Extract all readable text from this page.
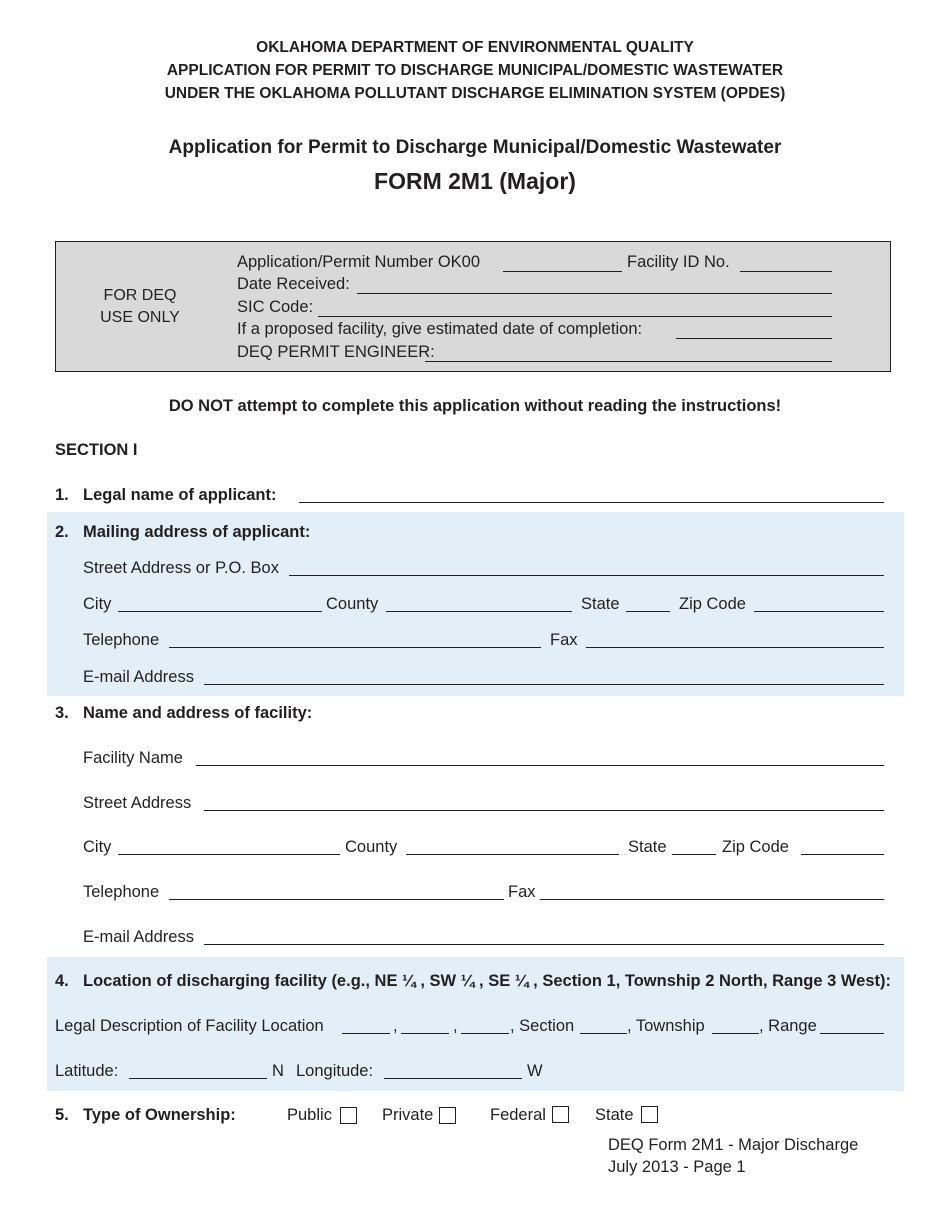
OKLAHOMA DEPARTMENT OF ENVIRONMENTAL QUALITY
APPLICATION FOR PERMIT TO DISCHARGE MUNICIPAL/DOMESTIC WASTEWATER
UNDER THE OKLAHOMA POLLUTANT DISCHARGE ELIMINATION SYSTEM (OPDES)
Application for Permit to Discharge Municipal/Domestic Wastewater
FORM 2M1 (Major)
FOR DEQ
USE ONLY
Application/Permit Number OK00	Facility ID No.
Date Received:
SIC Code:
If a proposed facility, give estimated date of completion:
DEQ PERMIT ENGINEER:
DO NOT attempt to complete this application without reading the instructions!
SECTION I
1. Legal name of applicant:
2. Mailing address of applicant:
Street Address or P.O. Box
City	County	State	Zip Code
Telephone	Fax
E-mail Address
3. Name and address of facility:
Facility Name
Street Address
City	County	State	Zip Code
Telephone	Fax
E-mail Address
4. Location of discharging facility (e.g., NE ¼ , SW ¼ , SE ¼ , Section 1, Township 2 North, Range 3 West):
Legal Description of Facility Location	,	,	, Section	, Township	, Range
Latitude:	N Longitude:	W
5. Type of Ownership:	Public	Private	Federal	State
DEQ Form 2M1 - Major Discharge
July 2013 - Page 1
